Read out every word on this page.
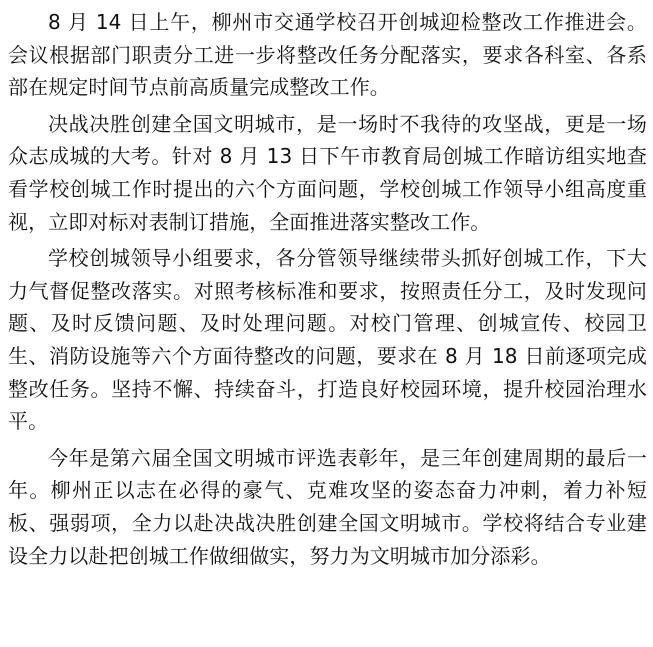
8 月 14 日上午，柳州市交通学校召开创城迎检整改工作推进会。会议根据部门职责分工进一步将整改任务分配落实，要求各科室、各系部在规定时间节点前高质量完成整改工作。

决战决胜创建全国文明城市，是一场时不我待的攻坚战，更是一场众志成城的大考。针对 8 月 13 日下午市教育局创城工作暗访组实地查看学校创城工作时提出的六个方面问题，学校创城工作领导小组高度重视，立即对标对表制订措施，全面推进落实整改工作。

学校创城领导小组要求，各分管领导继续带头抓好创城工作，下大力气督促整改落实。对照考核标准和要求，按照责任分工，及时发现问题、及时反馈问题、及时处理问题。对校门管理、创城宣传、校园卫生、消防设施等六个方面待整改的问题，要求在 8 月 18 日前逐项完成整改任务。坚持不懈、持续奋斗，打造良好校园环境，提升校园治理水平。

今年是第六届全国文明城市评选表彰年，是三年创建周期的最后一年。柳州正以志在必得的豪气、克难攻坚的姿态奋力冲刺，着力补短板、强弱项，全力以赴决战决胜创建全国文明城市。学校将结合专业建设全力以赴把创城工作做细做实，努力为文明城市加分添彩。
